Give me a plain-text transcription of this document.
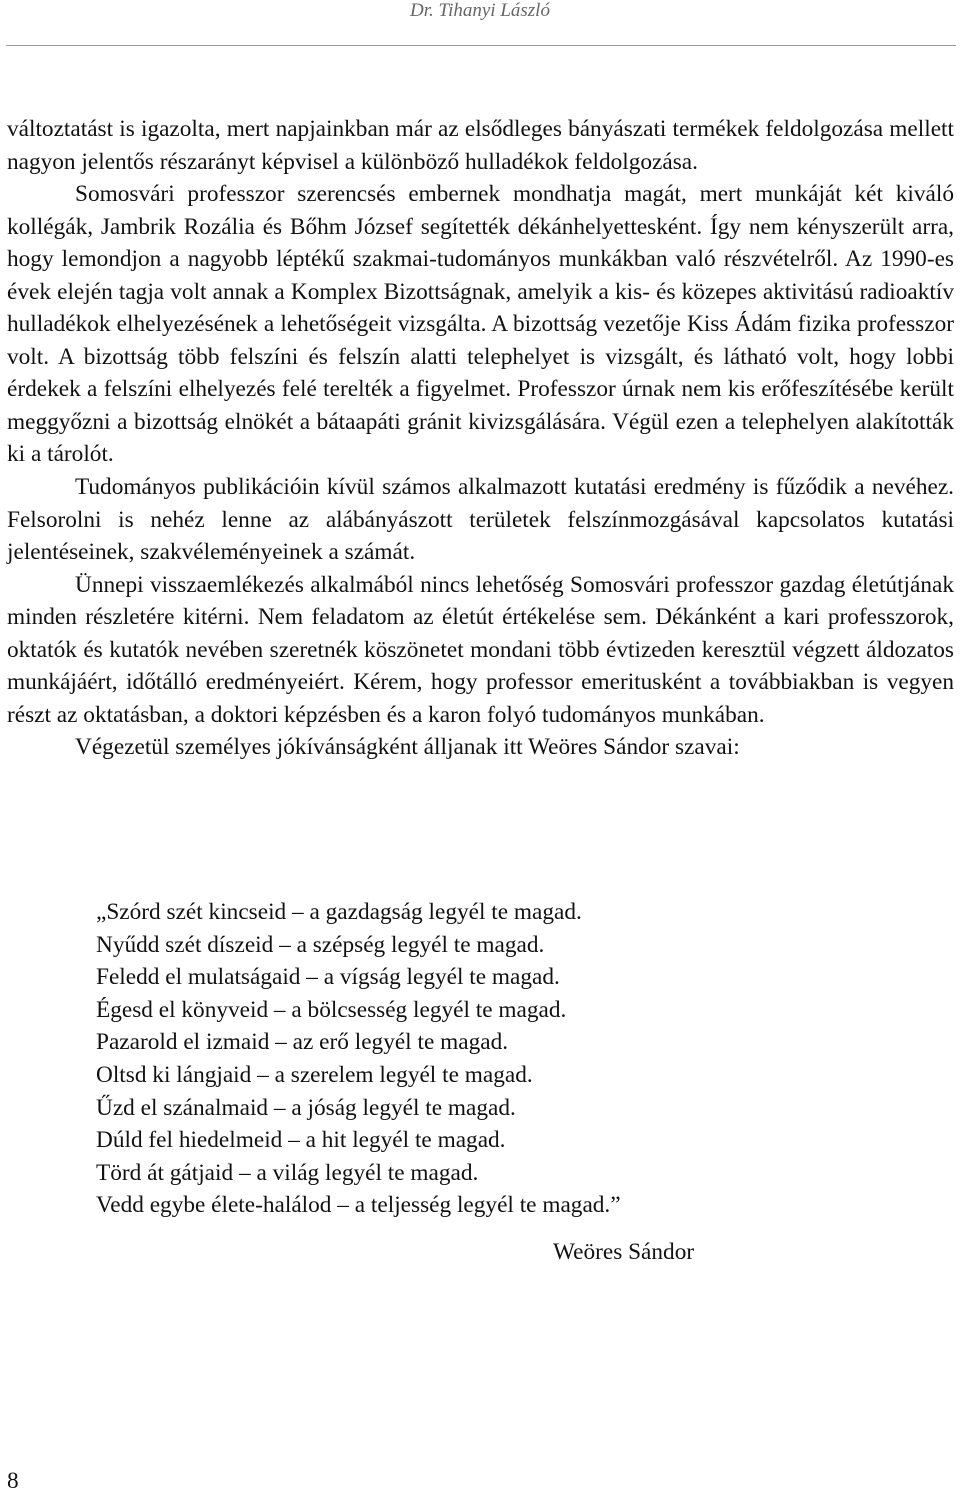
Dr. Tihanyi László

változtatást is igazolta, mert napjainkban már az elsődleges bányászati termékek feldolgozása mellett nagyon jelentős részarányt képvisel a különböző hulladékok feldolgozása.

Somosvári professzor szerencsés embernek mondhatja magát, mert munkáját két kiváló kollégák, Jambrik Rozália és Bőhm József segítették dékánhelyettesként. Így nem kényszerült arra, hogy lemondjon a nagyobb léptékű szakmai-tudományos munkákban való részvételről. Az 1990-es évek elején tagja volt annak a Komplex Bizottságnak, amelyik a kis- és közepes aktivitású radioaktív hulladékok elhelyezésének a lehetőségeit vizsgálta. A bizottság vezetője Kiss Ádám fizika professzor volt. A bizottság több felszíni és felszín alatti telephelyet is vizsgált, és látható volt, hogy lobbi érdekek a felszíni elhelyezés felé terelték a figyelmet. Professzor úrnak nem kis erőfeszítésébe került meggyőzni a bizottság elnökét a bátaapáti gránit kivizsgálására. Végül ezen a telephelyen alakították ki a tárolót.

Tudományos publikációin kívül számos alkalmazott kutatási eredmény is fűződik a nevéhez. Felsorolni is nehéz lenne az alábányászott területek felszínmozgásával kapcsolatos kutatási jelentéseinek, szakvéleményeinek a számát.

Ünnepi visszaemlékezés alkalmából nincs lehetőség Somosvári professzor gazdag életútjának minden részletére kitérni. Nem feladatom az életút értékelése sem. Dékánként a kari professzorok, oktatók és kutatók nevében szeretnék köszönetet mondani több évtizeden keresztül végzett áldozatos munkájáért, időtálló eredményeiért. Kérem, hogy professor emeritusként a továbbiakban is vegyen részt az oktatásban, a doktori képzésben és a karon folyó tudományos munkában.

Végezetül személyes jókívánságként álljanak itt Weöres Sándor szavai:

„Szórd szét kincseid – a gazdagság legyél te magad.
Nyűdd szét díszeid – a szépség legyél te magad.
Feledd el mulatságaid – a vígság legyél te magad.
Égesd el könyveid – a bölcsesség legyél te magad.
Pazarold el izmaid – az erő legyél te magad.
Oltsd ki lángjaid – a szerelem legyél te magad.
Űzd el szánalmaid – a jóság legyél te magad.
Dúld fel hiedelmeid – a hit legyél te magad.
Törd át gátjaid – a világ legyél te magad.
Vedd egybe élete-halálod – a teljesség legyél te magad.”
Weöres Sándor
8
